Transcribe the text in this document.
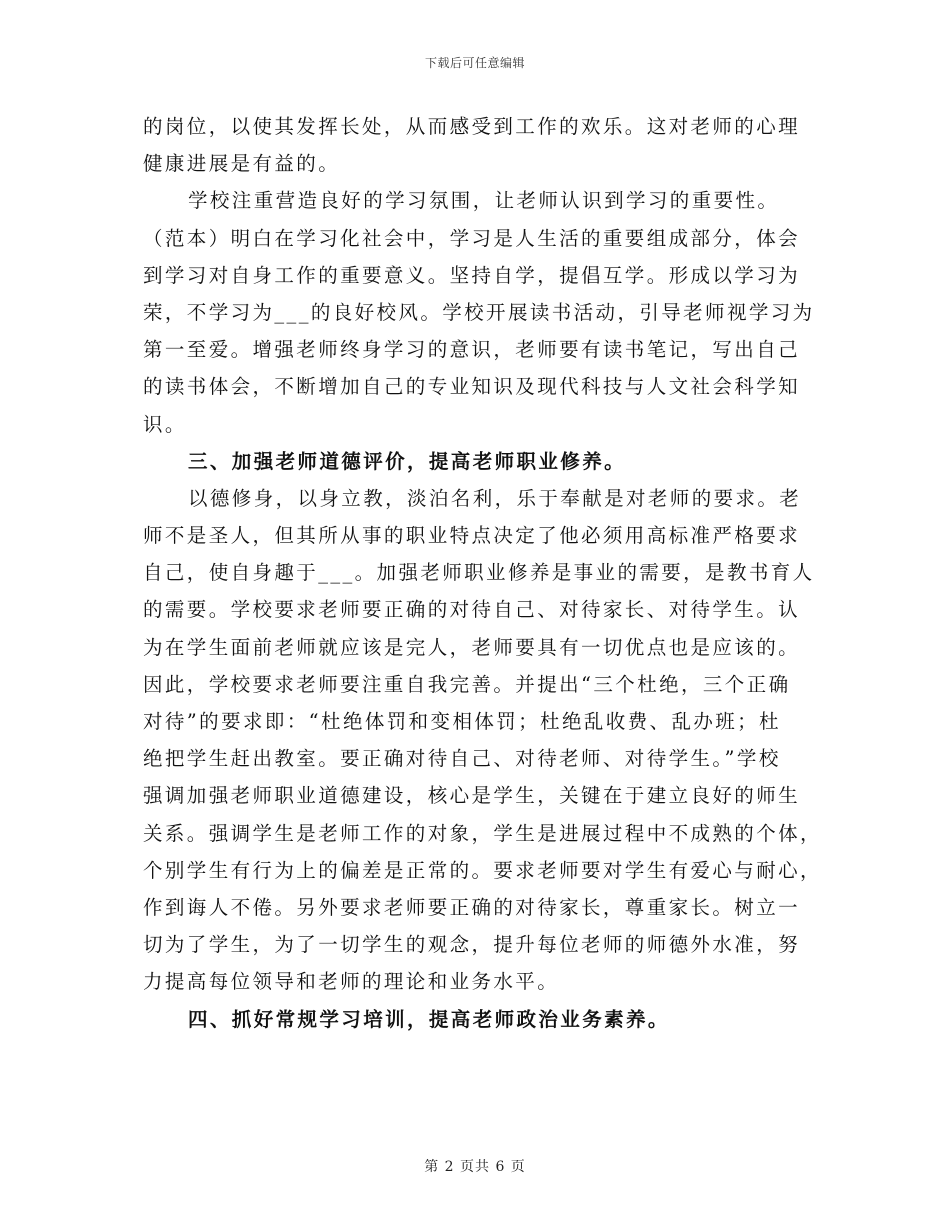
下载后可任意编辑
的岗位，以使其发挥长处，从而感受到工作的欢乐。这对老师的心理
健康进展是有益的。
学校注重营造良好的学习氛围，让老师认识到学习的重要性。
（范本）明白在学习化社会中，学习是人生活的重要组成部分，体会
到学习对自身工作的重要意义。坚持自学，提倡互学。形成以学习为
荣，不学习为___的良好校风。学校开展读书活动，引导老师视学习为
第一至爱。增强老师终身学习的意识，老师要有读书笔记，写出自己
的读书体会，不断增加自己的专业知识及现代科技与人文社会科学知
识。
三、加强老师道德评价，提高老师职业修养。
以德修身，以身立教，淡泊名利，乐于奉献是对老师的要求。老
师不是圣人，但其所从事的职业特点决定了他必须用高标准严格要求
自己，使自身趣于___。加强老师职业修养是事业的需要，是教书育人
的需要。学校要求老师要正确的对待自己、对待家长、对待学生。认
为在学生面前老师就应该是完人，老师要具有一切优点也是应该的。
因此，学校要求老师要注重自我完善。并提出“三个杜绝，三个正确
对待”的要求即：“杜绝体罚和变相体罚；杜绝乱收费、乱办班；杜
绝把学生赶出教室。要正确对待自己、对待老师、对待学生。”学校
强调加强老师职业道德建设，核心是学生，关键在于建立良好的师生
关系。强调学生是老师工作的对象，学生是进展过程中不成熟的个体，
个别学生有行为上的偏差是正常的。要求老师要对学生有爱心与耐心，
作到诲人不倦。另外要求老师要正确的对待家长，尊重家长。树立一
切为了学生，为了一切学生的观念，提升每位老师的师德外水准，努
力提高每位领导和老师的理论和业务水平。
四、抓好常规学习培训，提高老师政治业务素养。
第 2 页共 6 页
